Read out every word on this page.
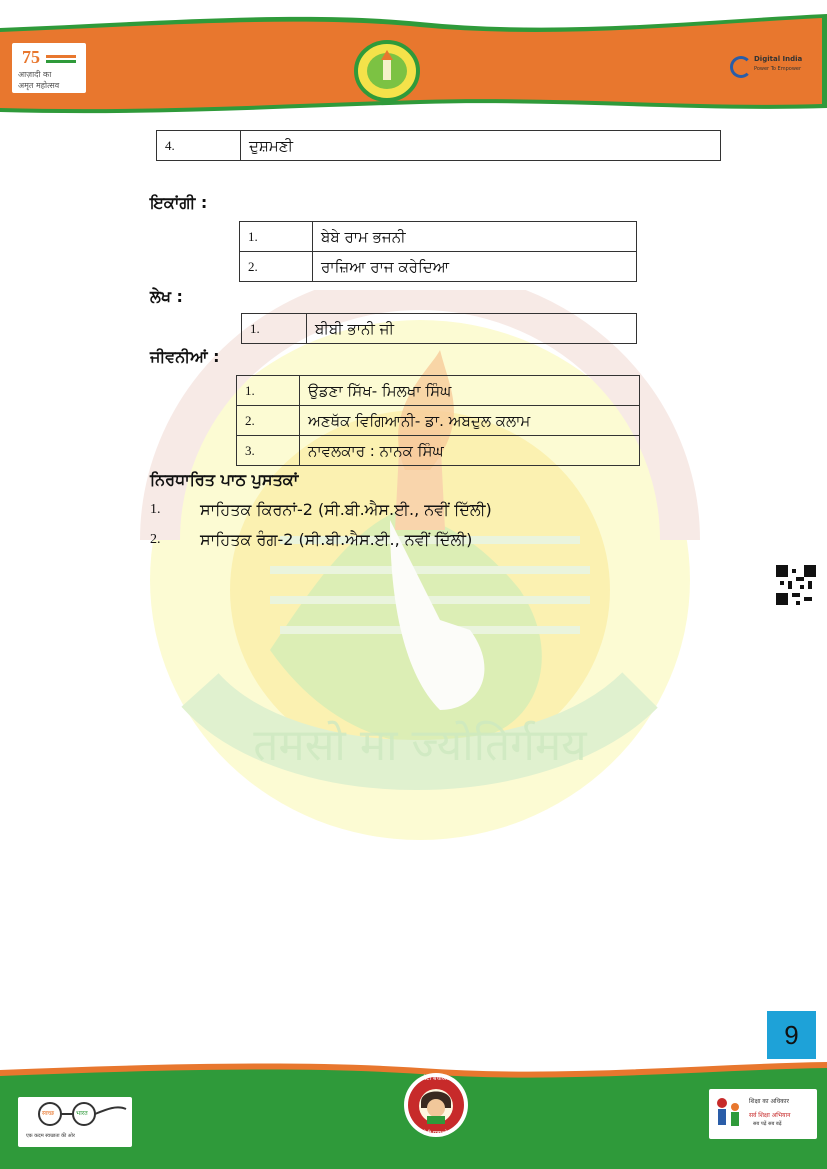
75
आज़ादी का
अमृत महोत्सव
Digital India
Power To Empower
तमसो मा ज्योतिर्गमय
4.	ਦੁਸ਼ਮਣੀ
ਇਕਾਂਗੀ :
1.	ਬੇਬੇ ਰਾਮ ਭਜਨੀ
2.	ਰਾਜ਼ਿਆ ਰਾਜ ਕਰੇਦਿਆ
ਲੇਖ :
1.	ਬੀਬੀ ਭਾਨੀ ਜੀ
ਜੀਵਨੀਆਂ :
1.	ਉਡਣਾ ਸਿੱਖ- ਮਿਲਖਾ ਸਿੰਘ
2.	ਅਣਥੱਕ ਵਿਗਿਆਨੀ- ਡਾ. ਅਬਦੁਲ ਕਲਾਮ
3.	ਨਾਵਲਕਾਰ : ਨਾਨਕ ਸਿੰਘ
ਨਿਰਧਾਰਿਤ ਪਾਠ ਪੁਸਤਕਾਂ
1. ਸਾਹਿਤਕ ਕਿਰਨਾਂ-2 (ਸੀ.ਬੀ.ਐਸ.ਈ., ਨਵੀਂ ਦਿੱਲੀ)
2. ਸਾਹਿਤਕ ਰੰਗ-2 (ਸੀ.ਬੀ.ਐਸ.ਈ., ਨਵੀਂ ਦਿੱਲੀ)
9
स्वच्छ	भारत
एक कदम स्वच्छता की ओर
बेटी बचाओ
बेटी पढ़ाओ
शिक्षा का अधिकार
सर्व शिक्षा अभियान
सब पढ़ें सब बढ़ें
